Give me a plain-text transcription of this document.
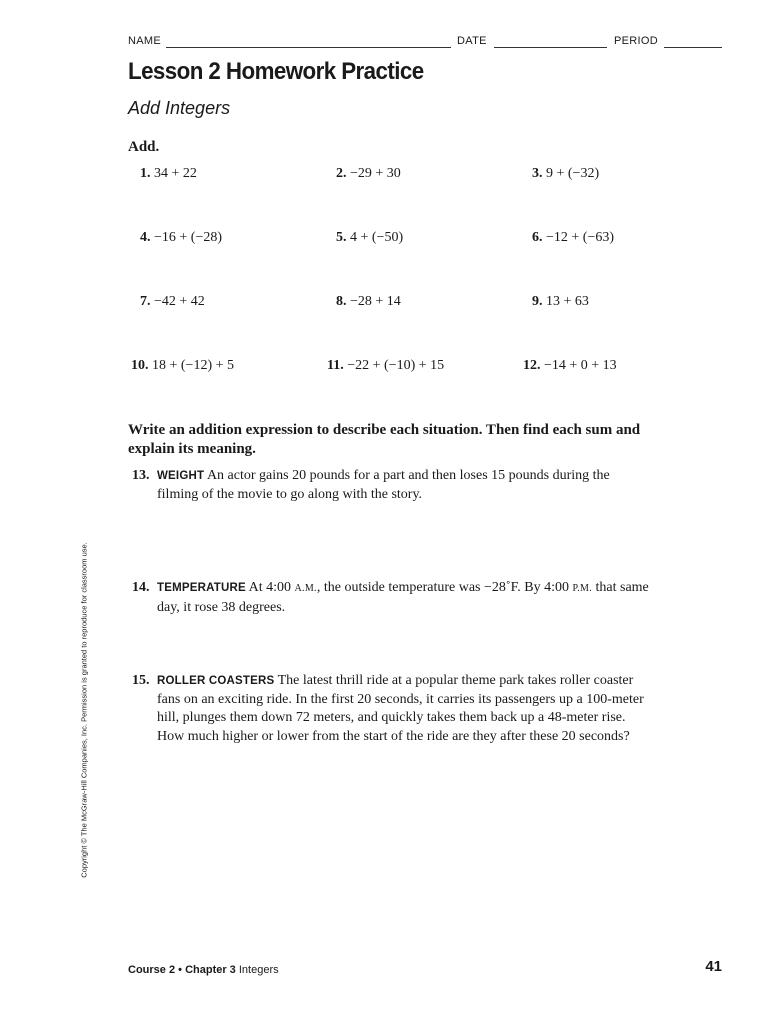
NAME	DATE	PERIOD
Lesson 2 Homework Practice
Add Integers
Add.
1. 34 + 22	2. −29 + 30	3. 9 + (−32)
4. −16 + (−28)	5. 4 + (−50)	6. −12 + (−63)
7. −42 + 42	8. −28 + 14	9. 13 + 63
10. 18 + (−12) + 5	11. −22 + (−10) + 15	12. −14 + 0 + 13
Write an addition expression to describe each situation. Then find each sum and explain its meaning.
13. WEIGHT An actor gains 20 pounds for a part and then loses 15 pounds during the filming of the movie to go along with the story.
14. TEMPERATURE At 4:00 A.M., the outside temperature was −28˚F. By 4:00 P.M. that same day, it rose 38 degrees.
15. ROLLER COASTERS The latest thrill ride at a popular theme park takes roller coaster fans on an exciting ride. In the first 20 seconds, it carries its passengers up a 100-meter hill, plunges them down 72 meters, and quickly takes them back up a 48-meter rise. How much higher or lower from the start of the ride are they after these 20 seconds?
Copyright © The McGraw-Hill Companies, Inc. Permission is granted to reproduce for classroom use.
Course 2 • Chapter 3 Integers	41
